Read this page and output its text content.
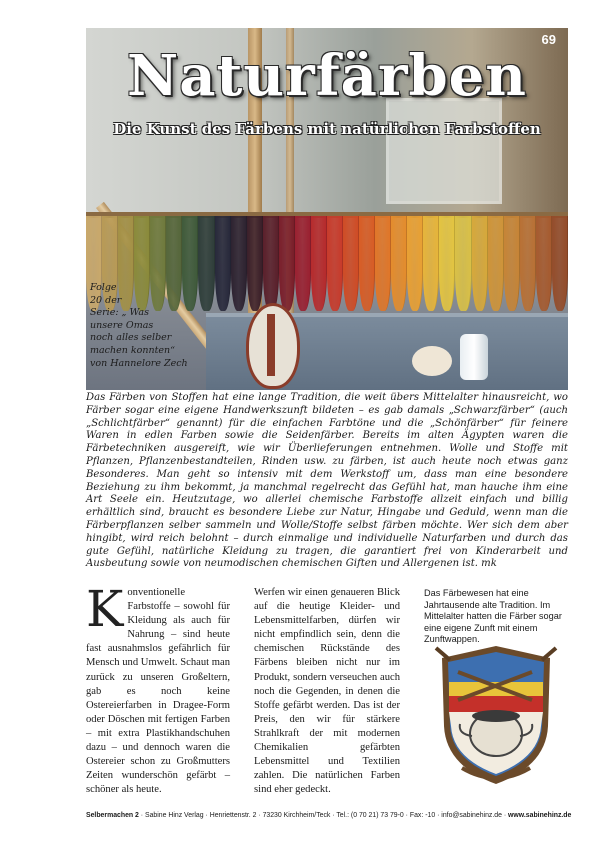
69
Naturfärben
Die Kunst des Färbens mit natürlichen Farbstoffen
Folge
20 der
Serie: „ Was
unsere Omas
noch alles selber
machen konnten“
von Hannelore Zech
Das Färben von Stoffen hat eine lange Tradition, die weit übers Mittelalter hinausreicht, wo Färber sogar eine eigene Handwerkszunft bildeten – es gab damals „Schwarzfärber“ (auch „Schlichtfärber“ genannt) für die einfachen Farbtöne und die „Schönfärber“ für feinere Waren in edlen Farben sowie die Seidenfärber. Bereits im alten Ägypten waren die Färbetechniken ausgereift, wie wir Überlieferungen entnehmen. Wolle und Stoffe mit Pflanzen, Pflanzenbestandteilen, Rinden usw. zu färben, ist auch heute noch etwas ganz Besonderes. Man geht so intensiv mit dem Werkstoff um, dass man eine besondere Beziehung zu ihm bekommt, ja manchmal regelrecht das Gefühl hat, man hauche ihm eine Art Seele ein. Heutzutage, wo allerlei chemische Farbstoffe allzeit einfach und billig erhältlich sind, braucht es besondere Liebe zur Natur, Hingabe und Geduld, wenn man die Färberpflanzen selber sammeln und Wolle/Stoffe selbst färben möchte. Wer sich dem aber hingibt, wird reich belohnt – durch einmalige und individuelle Naturfarben und durch das gute Gefühl, natürliche Kleidung zu tragen, die garantiert frei von Kinderarbeit und Ausbeutung sowie von neumodischen chemischen Giften und Allergenen ist. mk
Konventionelle Farbstoffe – sowohl für Kleidung als auch für Nahrung – sind heute fast ausnahmslos gefährlich für Mensch und Umwelt. Schaut man zurück zu unseren Großeltern, gab es noch keine Ostereierfarben in Dragee-Form oder Döschen mit fertigen Farben – mit extra Plastikhandschuhen dazu – und dennoch waren die Ostereier schon zu Großmutters Zeiten wunderschön gefärbt – schöner als heute.
Werfen wir einen genaueren Blick auf die heutige Kleider- und Lebensmittelfarben, dürfen wir nicht empfindlich sein, denn die chemischen Rückstände des Färbens bleiben nicht nur im Produkt, sondern verseuchen auch noch die Gegenden, in denen die Stoffe gefärbt werden. Das ist der Preis, den wir für stärkere Strahlkraft der mit modernen Chemikalien gefärbten Lebensmittel und Textilien zahlen. Die natürlichen Farben sind eher gedeckt.
Das Färbewesen hat eine Jahrtausende alte Tradition. Im Mittelalter hatten die Färber sogar eine eigene Zunft mit einem Zunftwappen.
Selbermachen 2 · Sabine Hinz Verlag · Henriettenstr. 2 · 73230 Kirchheim/Teck · Tel.: (0 70 21) 73 79-0 · Fax: -10 · info@sabinehinz.de · www.sabinehinz.de
